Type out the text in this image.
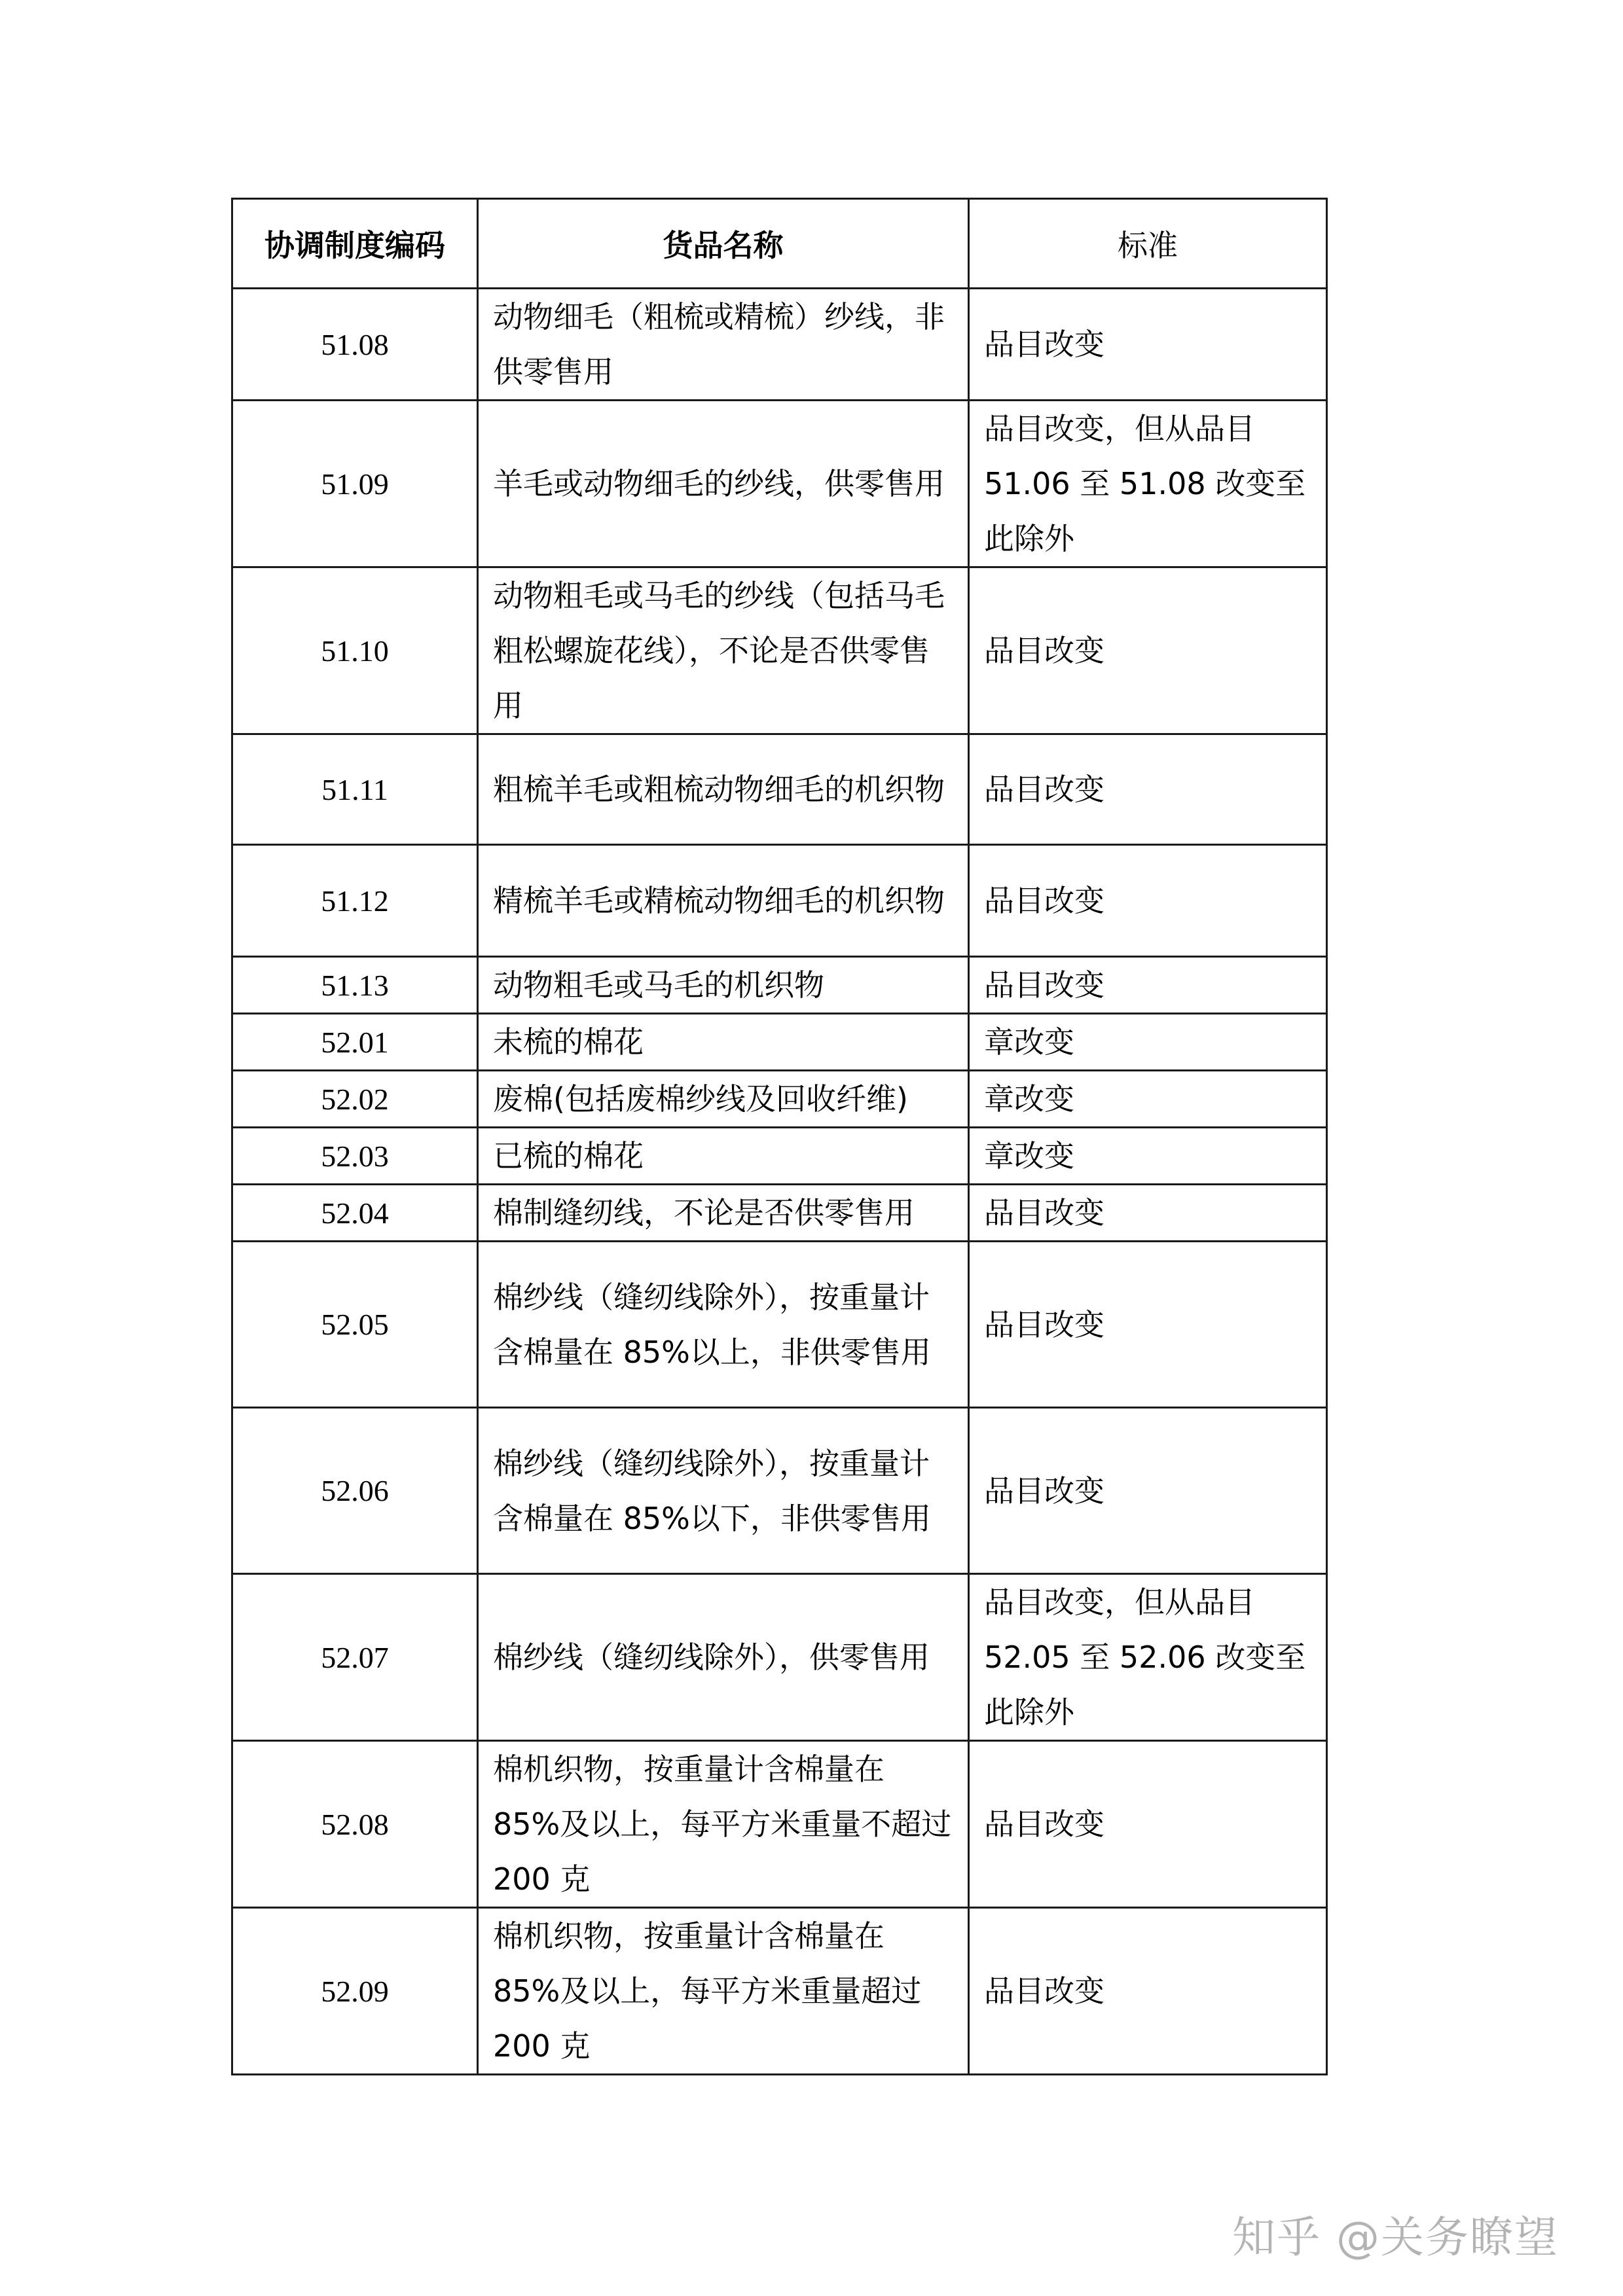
协调制度编码	货品名称	标准
51.08	动物细毛（粗梳或精梳）纱线，非供零售用	品目改变
51.09	羊毛或动物细毛的纱线，供零售用	品目改变，但从品目 51.06 至 51.08 改变至此除外
51.10	动物粗毛或马毛的纱线（包括马毛粗松螺旋花线），不论是否供零售用	品目改变
51.11	粗梳羊毛或粗梳动物细毛的机织物	品目改变
51.12	精梳羊毛或精梳动物细毛的机织物	品目改变
51.13	动物粗毛或马毛的机织物	品目改变
52.01	未梳的棉花	章改变
52.02	废棉(包括废棉纱线及回收纤维)	章改变
52.03	已梳的棉花	章改变
52.04	棉制缝纫线，不论是否供零售用	品目改变
52.05	棉纱线（缝纫线除外），按重量计含棉量在 85%以上，非供零售用	品目改变
52.06	棉纱线（缝纫线除外），按重量计含棉量在 85%以下，非供零售用	品目改变
52.07	棉纱线（缝纫线除外），供零售用	品目改变，但从品目 52.05 至 52.06 改变至此除外
52.08	棉机织物，按重量计含棉量在 85%及以上，每平方米重量不超过 200 克	品目改变
52.09	棉机织物，按重量计含棉量在 85%及以上，每平方米重量超过 200 克	品目改变
知乎 @关务瞭望
